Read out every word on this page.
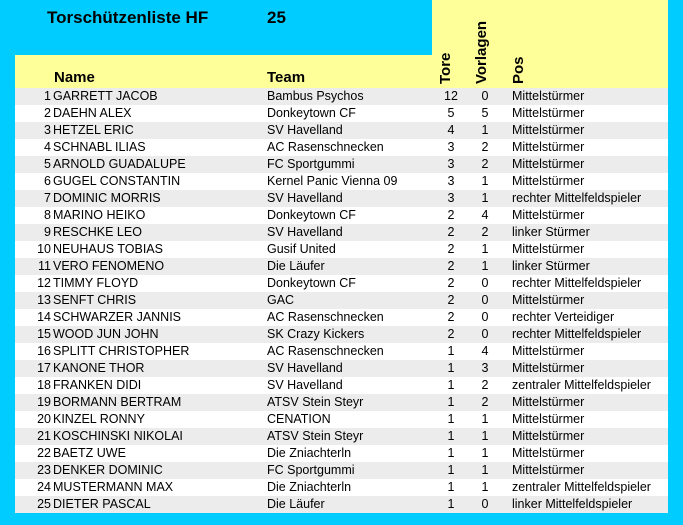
Torschützenliste HF	25
Name	Team	Tore Vorlagen Pos
1 GARRETT JACOB	Bambus Psychos	12	0	Mittelstürmer
2 DAEHN ALEX	Donkeytown CF	5	5	Mittelstürmer
3 HETZEL ERIC	SV Havelland	4	1	Mittelstürmer
4 SCHNABL ILIAS	AC Rasenschnecken	3	2	Mittelstürmer
5 ARNOLD GUADALUPE	FC Sportgummi	3	2	Mittelstürmer
6 GUGEL CONSTANTIN	Kernel Panic Vienna 09	3	1	Mittelstürmer
7 DOMINIC MORRIS	SV Havelland	3	1	rechter Mittelfeldspieler
8 MARINO HEIKO	Donkeytown CF	2	4	Mittelstürmer
9 RESCHKE LEO	SV Havelland	2	2	linker Stürmer
10 NEUHAUS TOBIAS	Gusif United	2	1	Mittelstürmer
11 VERO FENOMENO	Die Läufer	2	1	linker Stürmer
12 TIMMY FLOYD	Donkeytown CF	2	0	rechter Mittelfeldspieler
13 SENFT CHRIS	GAC	2	0	Mittelstürmer
14 SCHWARZER JANNIS	AC Rasenschnecken	2	0	rechter Verteidiger
15 WOOD JUN JOHN	SK Crazy Kickers	2	0	rechter Mittelfeldspieler
16 SPLITT CHRISTOPHER	AC Rasenschnecken	1	4	Mittelstürmer
17 KANONE THOR	SV Havelland	1	3	Mittelstürmer
18 FRANKEN DIDI	SV Havelland	1	2	zentraler Mittelfeldspieler
19 BORMANN BERTRAM	ATSV Stein Steyr	1	2	Mittelstürmer
20 KINZEL RONNY	CENATION	1	1	Mittelstürmer
21 KOSCHINSKI NIKOLAI	ATSV Stein Steyr	1	1	Mittelstürmer
22 BAETZ UWE	Die Zniachterln	1	1	Mittelstürmer
23 DENKER DOMINIC	FC Sportgummi	1	1	Mittelstürmer
24 MUSTERMANN MAX	Die Zniachterln	1	1	zentraler Mittelfeldspieler
25 DIETER PASCAL	Die Läufer	1	0	linker Mittelfeldspieler
